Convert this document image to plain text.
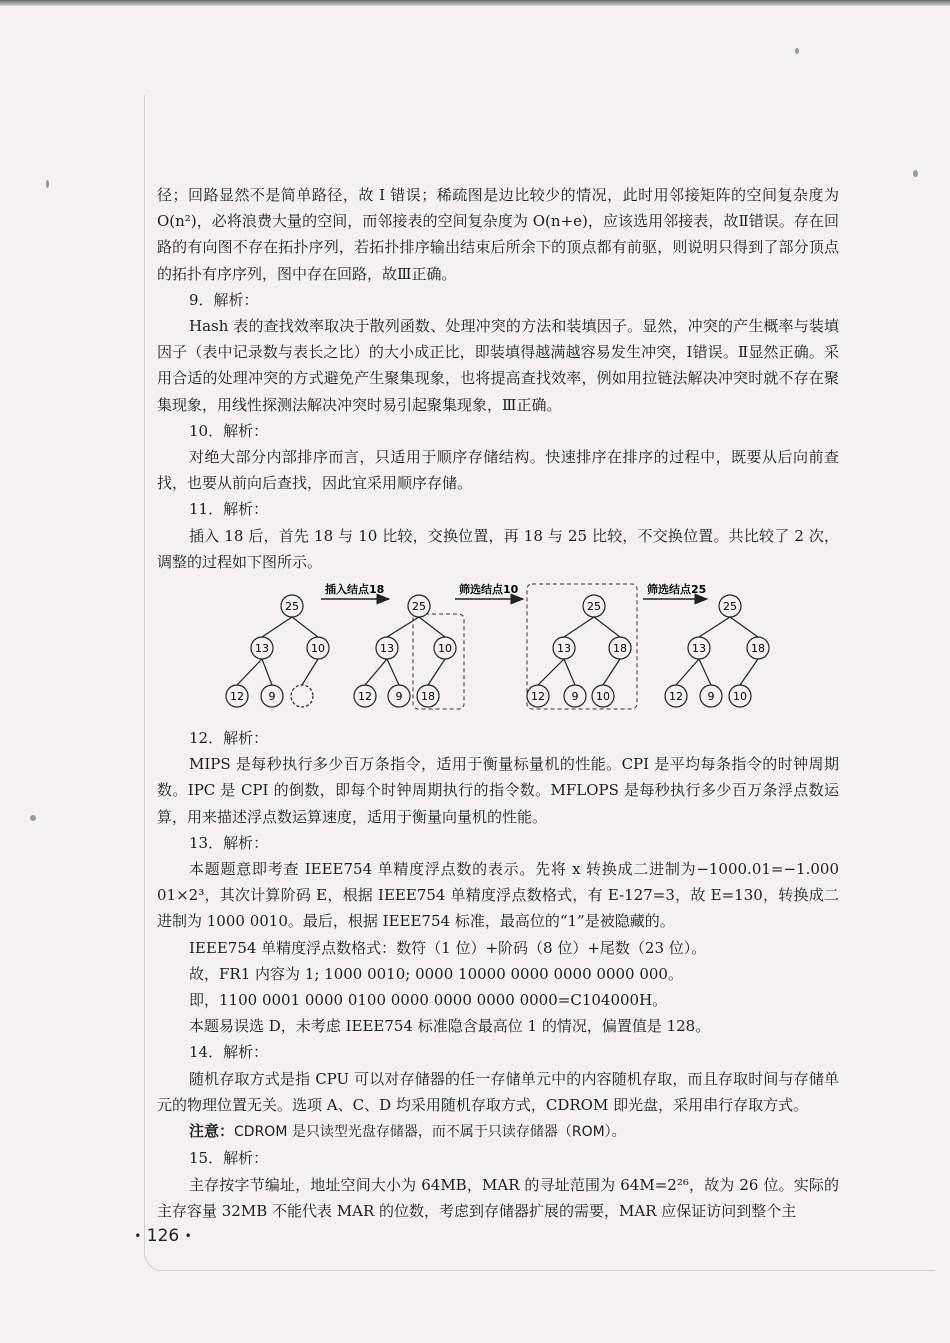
径；回路显然不是简单路径，故 I 错误；稀疏图是边比较少的情况，此时用邻接矩阵的空间复杂度为 O(n²)，必将浪费大量的空间，而邻接表的空间复杂度为 O(n+e)，应该选用邻接表，故Ⅱ错误。存在回路的有向图不存在拓扑序列，若拓扑排序输出结束后所余下的顶点都有前驱，则说明只得到了部分顶点的拓扑有序序列，图中存在回路，故Ⅲ正确。

9．解析：

Hash 表的查找效率取决于散列函数、处理冲突的方法和装填因子。显然，冲突的产生概率与装填因子（表中记录数与表长之比）的大小成正比，即装填得越满越容易发生冲突，Ⅰ错误。Ⅱ显然正确。采用合适的处理冲突的方式避免产生聚集现象，也将提高查找效率，例如用拉链法解决冲突时就不存在聚集现象，用线性探测法解决冲突时易引起聚集现象，Ⅲ正确。

10．解析：

对绝大部分内部排序而言，只适用于顺序存储结构。快速排序在排序的过程中，既要从后向前查找，也要从前向后查找，因此宜采用顺序存储。

11．解析：

插入 18 后，首先 18 与 10 比较，交换位置，再 18 与 25 比较，不交换位置。共比较了 2 次，调整的过程如下图所示。

25
13	10
12 9
25
13	10
12 9 18
25
13	18
12 9 10
25
13	18
12 9 10
插入结点18	筛选结点10	筛选结点25

12．解析：

MIPS 是每秒执行多少百万条指令，适用于衡量标量机的性能。CPI 是平均每条指令的时钟周期数。IPC 是 CPI 的倒数，即每个时钟周期执行的指令数。MFLOPS 是每秒执行多少百万条浮点数运算，用来描述浮点数运算速度，适用于衡量向量机的性能。

13．解析：

本题题意即考查 IEEE754 单精度浮点数的表示。先将 x 转换成二进制为−1000.01=−1.000 01×2³，其次计算阶码 E，根据 IEEE754 单精度浮点数格式，有 E-127=3，故 E=130，转换成二进制为 1000 0010。最后，根据 IEEE754 标准，最高位的“1”是被隐藏的。

IEEE754 单精度浮点数格式：数符（1 位）+阶码（8 位）+尾数（23 位）。

故，FR1 内容为 1; 1000 0010; 0000 10000 0000 0000 0000 000。

即，1100 0001 0000 0100 0000 0000 0000 0000=C104000H。

本题易误选 D，未考虑 IEEE754 标准隐含最高位 1 的情况，偏置值是 128。

14．解析：

随机存取方式是指 CPU 可以对存储器的任一存储单元中的内容随机存取，而且存取时间与存储单元的物理位置无关。选项 A、C、D 均采用随机存取方式，CDROM 即光盘，采用串行存取方式。

注意：CDROM 是只读型光盘存储器，而不属于只读存储器（ROM）。

15．解析：

主存按字节编址，地址空间大小为 64MB，MAR 的寻址范围为 64M=2²⁶，故为 26 位。实际的主存容量 32MB 不能代表 MAR 的位数，考虑到存储器扩展的需要，MAR 应保证访问到整个主

• 126 •
